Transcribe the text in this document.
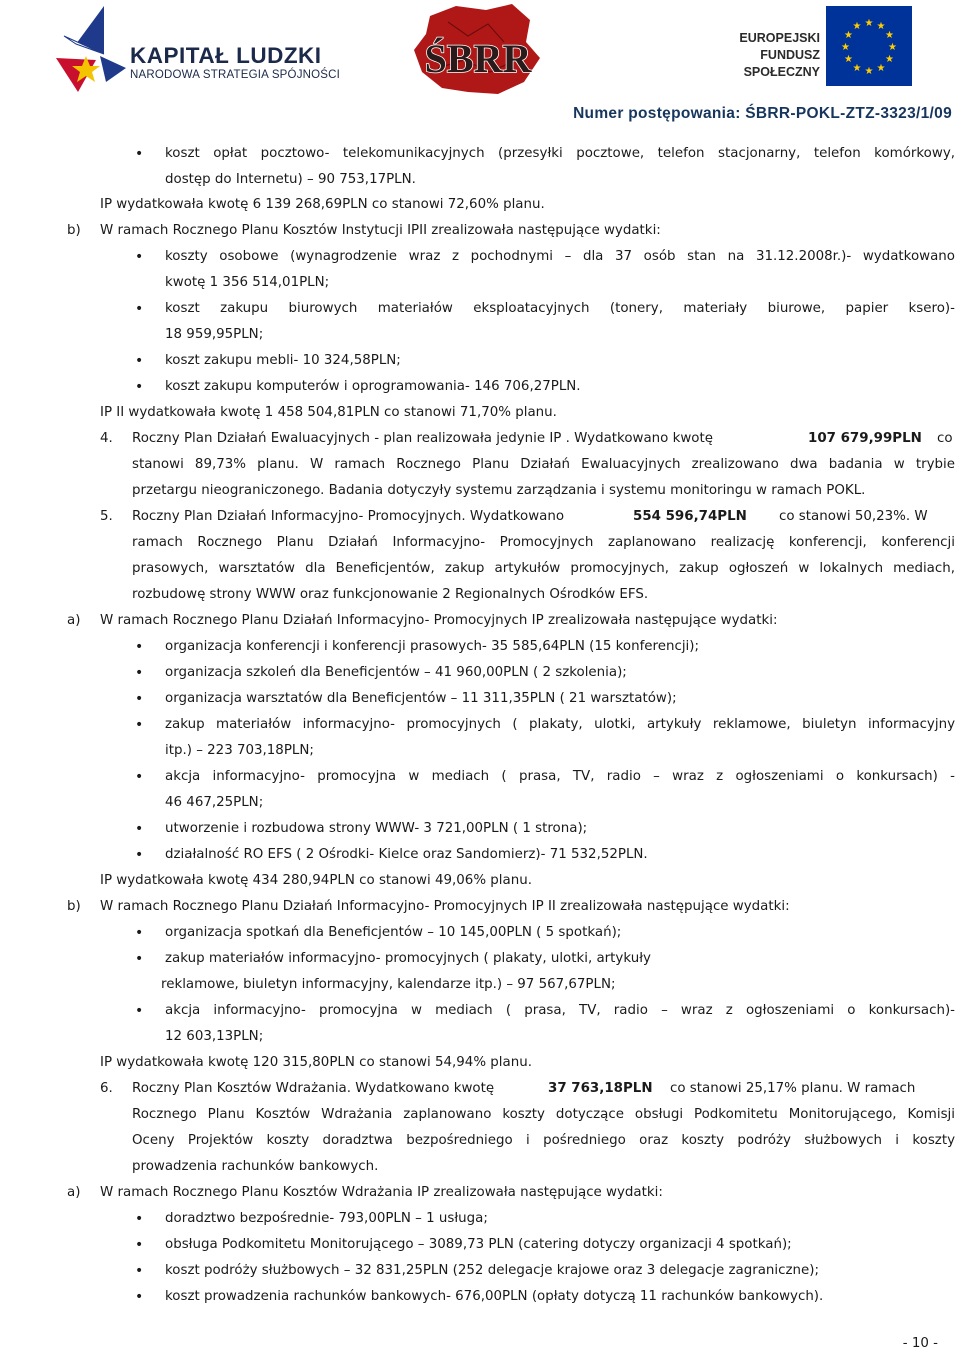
KAPITAŁ LUDZKI
NARODOWA STRATEGIA SPÓJNOŚCI ŚBRR	EUROPEJSKI
FUNDUSZ SPOŁECZNY
★ ★
★
★
★
★
★
★
★
★
★
★
Numer postępowania: ŚBRR-POKL-ZTZ-3323/1/09
• koszt opłat pocztowo- telekomunikacyjnych (przesyłki pocztowe, telefon stacjonarny, telefon komórkowy,
dostęp do Internetu) – 90 753,17PLN.
IP wydatkowała kwotę 6 139 268,69PLN co stanowi 72,60% planu.
b) W ramach Rocznego Planu Kosztów Instytucji IPII zrealizowała następujące wydatki:
• koszty osobowe (wynagrodzenie wraz z pochodnymi – dla 37 osób stan na 31.12.2008r.)- wydatkowano
kwotę 1 356 514,01PLN;
• koszt zakupu biurowych materiałów eksploatacyjnych (tonery, materiały biurowe, papier ksero)-
18 959,95PLN;
• koszt zakupu mebli- 10 324,58PLN;
• koszt zakupu komputerów i oprogramowania- 146 706,27PLN.
IP II wydatkowała kwotę 1 458 504,81PLN co stanowi 71,70% planu.
4. Roczny Plan Działań Ewaluacyjnych - plan realizowała jedynie IP . Wydatkowano kwotę	107 679,99PLN co
stanowi 89,73% planu. W ramach Rocznego Planu Działań Ewaluacyjnych zrealizowano dwa badania w trybie
przetargu nieograniczonego. Badania dotyczyły systemu zarządzania i systemu monitoringu w ramach POKL.
5. Roczny Plan Działań Informacyjno- Promocyjnych. Wydatkowano	554 596,74PLN co stanowi 50,23%. W
ramach Rocznego Planu Działań Informacyjno- Promocyjnych zaplanowano realizację konferencji, konferencji
prasowych, warsztatów dla Beneficjentów, zakup artykułów promocyjnych, zakup ogłoszeń w lokalnych mediach,
rozbudowę strony WWW oraz funkcjonowanie 2 Regionalnych Ośrodków EFS.
a) W ramach Rocznego Planu Działań Informacyjno- Promocyjnych IP zrealizowała następujące wydatki:
• organizacja konferencji i konferencji prasowych- 35 585,64PLN (15 konferencji);
• organizacja szkoleń dla Beneficjentów – 41 960,00PLN ( 2 szkolenia);
• organizacja warsztatów dla Beneficjentów – 11 311,35PLN ( 21 warsztatów);
• zakup materiałów informacyjno- promocyjnych ( plakaty, ulotki, artykuły reklamowe, biuletyn informacyjny
itp.) – 223 703,18PLN;
• akcja informacyjno- promocyjna w mediach ( prasa, TV, radio – wraz z ogłoszeniami o konkursach) -
46 467,25PLN;
• utworzenie i rozbudowa strony WWW- 3 721,00PLN ( 1 strona);
• działalność RO EFS ( 2 Ośrodki- Kielce oraz Sandomierz)- 71 532,52PLN.
IP wydatkowała kwotę 434 280,94PLN co stanowi 49,06% planu.
b) W ramach Rocznego Planu Działań Informacyjno- Promocyjnych IP II zrealizowała następujące wydatki:
• organizacja spotkań dla Beneficjentów – 10 145,00PLN ( 5 spotkań);
• zakup materiałów informacyjno- promocyjnych ( plakaty, ulotki, artykuły
reklamowe, biuletyn informacyjny, kalendarze itp.) – 97 567,67PLN;
• akcja informacyjno- promocyjna w mediach ( prasa, TV, radio – wraz z ogłoszeniami o konkursach)-
12 603,13PLN;
IP wydatkowała kwotę 120 315,80PLN co stanowi 54,94% planu.
6. Roczny Plan Kosztów Wdrażania. Wydatkowano kwotę	37 763,18PLN co stanowi 25,17% planu. W ramach
Rocznego Planu Kosztów Wdrażania zaplanowano koszty dotyczące obsługi Podkomitetu Monitorującego, Komisji
Oceny Projektów koszty doradztwa bezpośredniego i pośredniego oraz koszty podróży służbowych i koszty
prowadzenia rachunków bankowych.
a) W ramach Rocznego Planu Kosztów Wdrażania IP zrealizowała następujące wydatki:
• doradztwo bezpośrednie- 793,00PLN – 1 usługa;
• obsługa Podkomitetu Monitorującego – 3089,73 PLN (catering dotyczy organizacji 4 spotkań);
• koszt podróży służbowych – 32 831,25PLN (252 delegacje krajowe oraz 3 delegacje zagraniczne);
• koszt prowadzenia rachunków bankowych- 676,00PLN (opłaty dotyczą 11 rachunków bankowych).
- 10 -
